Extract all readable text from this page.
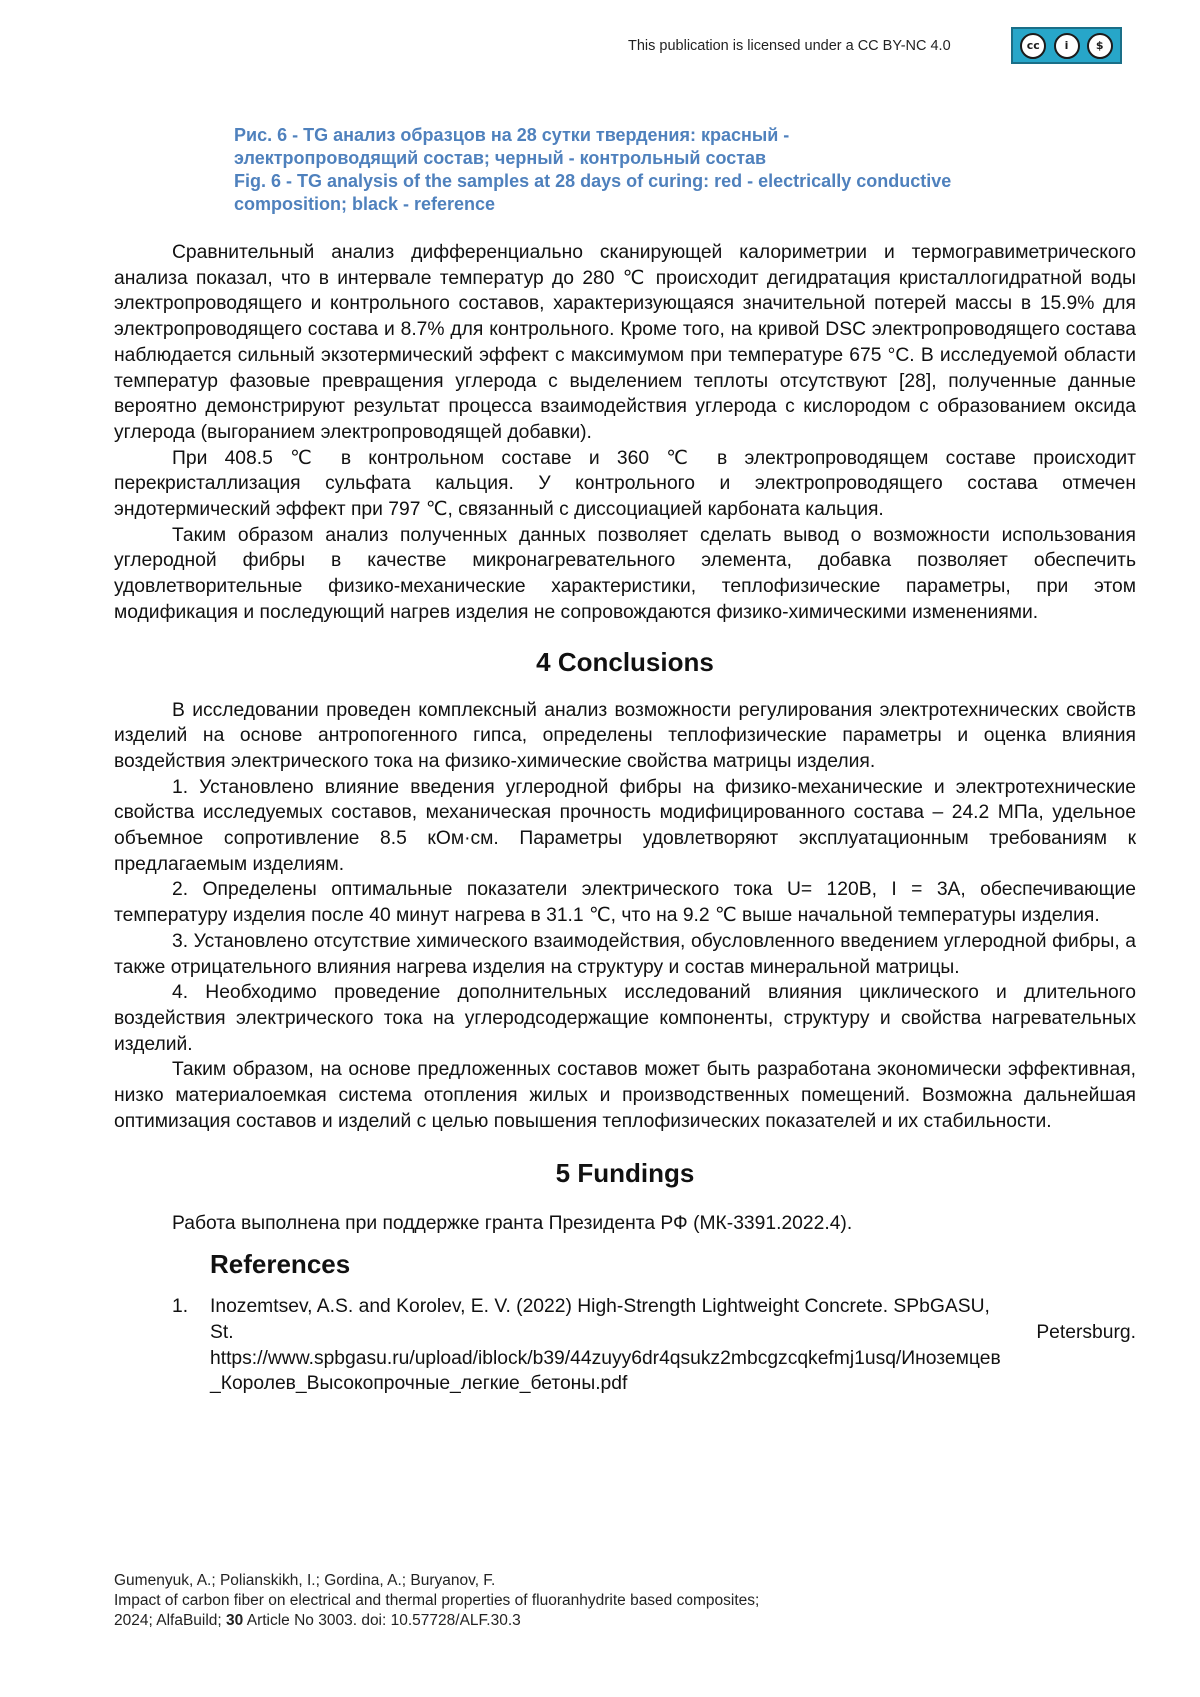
This publication is licensed under a CC BY-NC 4.0	cc	i	$
Рис. 6 - TG анализ образцов на 28 сутки твердения: красный -
электропроводящий состав; черный - контрольный состав
Fig. 6 - TG analysis of the samples at 28 days of curing: red - electrically conductive
composition; black - reference

Сравнительный анализ дифференциально сканирующей калориметрии и термогравиметрического анализа показал, что в интервале температур до 280 ℃ происходит дегидратация кристаллогидратной воды электропроводящего и контрольного составов, характеризующаяся значительной потерей массы в 15.9% для электропроводящего состава и 8.7% для контрольного. Кроме того, на кривой DSC электропроводящего состава наблюдается сильный экзотермический эффект с максимумом при температуре 675 °C. В исследуемой области температур фазовые превращения углерода с выделением теплоты отсутствуют [28], полученные данные вероятно демонстрируют результат процесса взаимодействия углерода с кислородом с образованием оксида углерода (выгоранием электропроводящей добавки).

При 408.5 ℃ в контрольном составе и 360 ℃ в электропроводящем составе происходит перекристаллизация сульфата кальция. У контрольного и электропроводящего состава отмечен эндотермический эффект при 797 ℃, связанный с диссоциацией карбоната кальция.

Таким образом анализ полученных данных позволяет сделать вывод о возможности использования углеродной фибры в качестве микронагревательного элемента, добавка позволяет обеспечить удовлетворительные физико-механические характеристики, теплофизические параметры, при этом модификация и последующий нагрев изделия не сопровождаются физико-химическими изменениями.

4 Conclusions

В исследовании проведен комплексный анализ возможности регулирования электротехнических свойств изделий на основе антропогенного гипса, определены теплофизические параметры и оценка влияния воздействия электрического тока на физико-химические свойства матрицы изделия.

1. Установлено влияние введения углеродной фибры на физико-механические и электротехнические свойства исследуемых составов, механическая прочность модифицированного состава – 24.2 МПа, удельное объемное сопротивление 8.5 кОм·см. Параметры удовлетворяют эксплуатационным требованиям к предлагаемым изделиям.

2. Определены оптимальные показатели электрического тока U= 120В, I = 3А, обеспечивающие температуру изделия после 40 минут нагрева в 31.1 ℃, что на 9.2 ℃ выше начальной температуры изделия.

3. Установлено отсутствие химического взаимодействия, обусловленного введением углеродной фибры, а также отрицательного влияния нагрева изделия на структуру и состав минеральной матрицы.

4. Необходимо проведение дополнительных исследований влияния циклического и длительного воздействия электрического тока на углеродсодержащие компоненты, структуру и свойства нагревательных изделий.

Таким образом, на основе предложенных составов может быть разработана экономически эффективная, низко материалоемкая система отопления жилых и производственных помещений. Возможна дальнейшая оптимизация составов и изделий с целью повышения теплофизических показателей и их стабильности.

5 Fundings

Работа выполнена при поддержке гранта Президента РФ (МК-3391.2022.4).

References
1.	Inozemtsev, A.S. and Korolev, E. V. (2022) High-Strength Lightweight Concrete. SPbGASU,
St.	Petersburg.
https://www.spbgasu.ru/upload/iblock/b39/44zuyy6dr4qsukz2mbcgzcqkefmj1usq/Иноземцев
_Королев_Высокопрочные_легкие_бетоны.pdf
Gumenyuk, A.; Polianskikh, I.; Gordina, A.; Buryanov, F.
Impact of carbon fiber on electrical and thermal properties of fluoranhydrite based composites;
2024; AlfaBuild; 30 Article No 3003. doi: 10.57728/ALF.30.3
